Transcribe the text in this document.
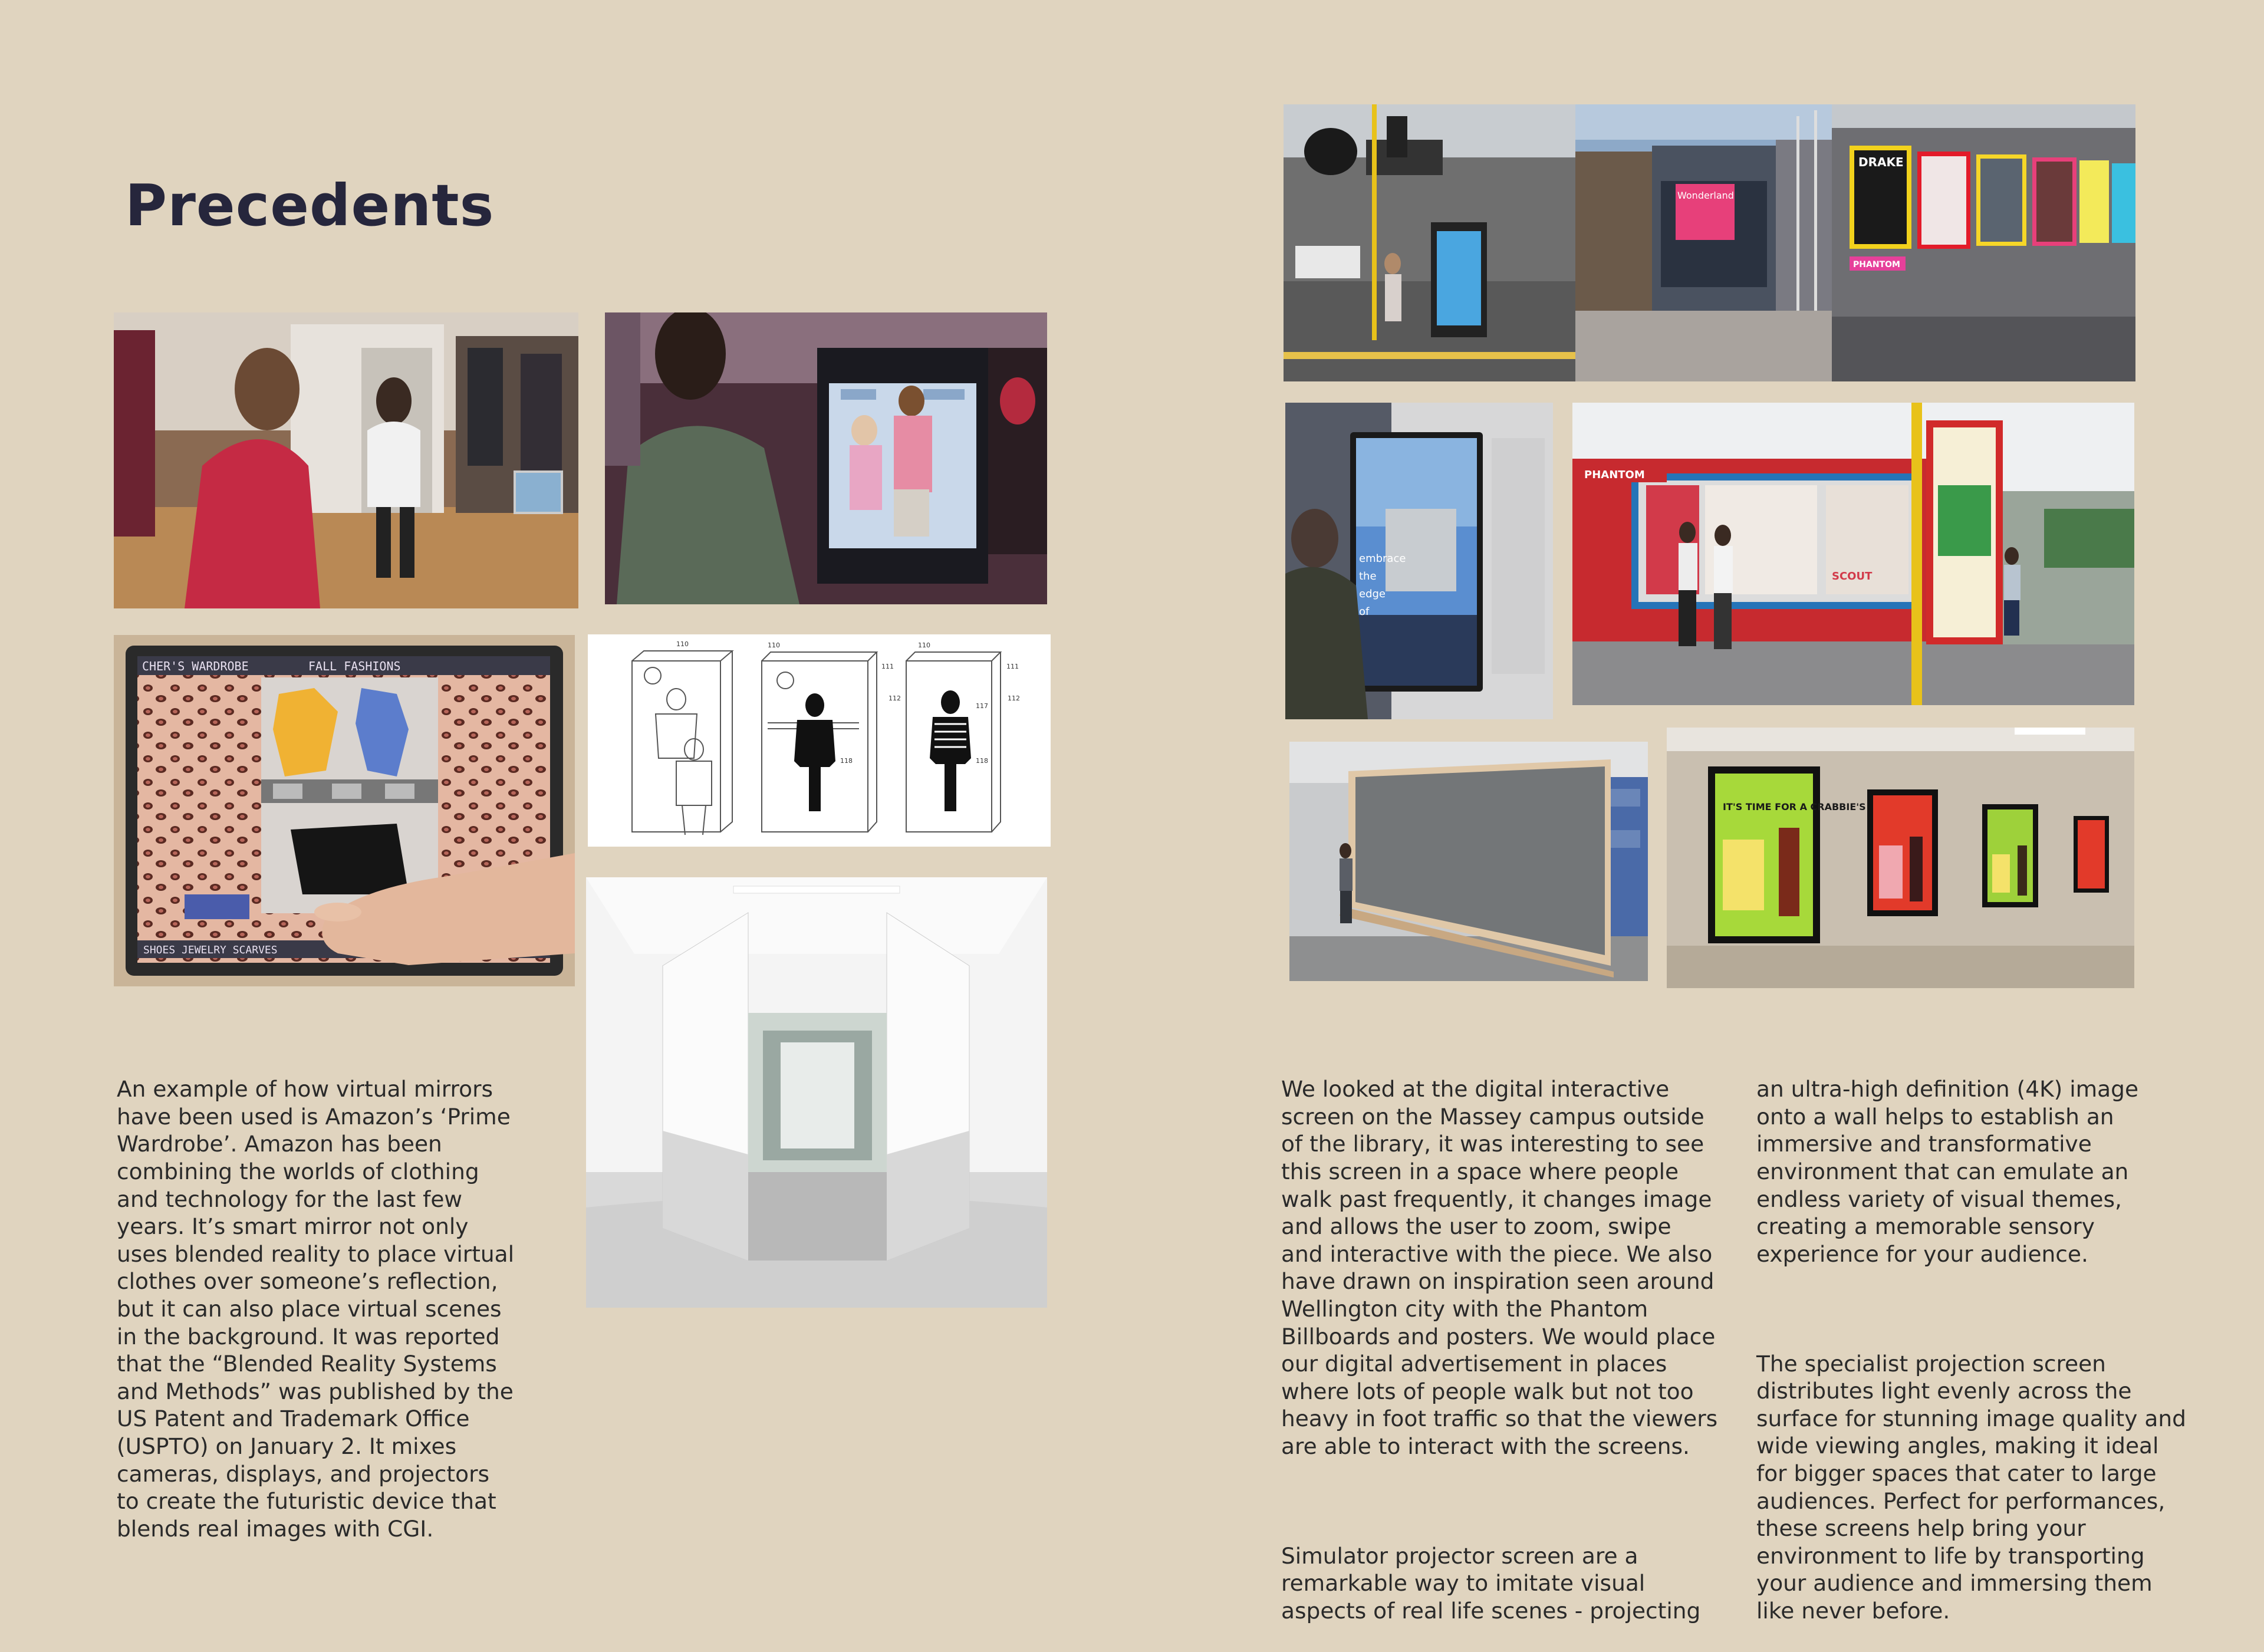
Precedents
CHER'S WARDROBE	FALL FASHIONS
SHOES JEWELRY SCARVES
110	110	110
111
112
111
112
117
118	118
Wonderland
DRAKE
PHANTOM
embrace
the
edge
of
SCOUT
PHANTOM
IT'S TIME FOR A CRABBIE'S

An example of how virtual mirrors
have been used is Amazon’s ‘Prime
Wardrobe’. Amazon has been
combining the worlds of clothing
and technology for the last few
years. It’s smart mirror not only
uses blended reality to place virtual
clothes over someone’s reflection,
but it can also place virtual scenes
in the background. It was reported
that the “Blended Reality Systems
and Methods” was published by the
US Patent and Trademark Office
(USPTO) on January 2. It mixes
cameras, displays, and projectors
to create the futuristic device that
blends real images with CGI.

We looked at the digital interactive
screen on the Massey campus outside
of the library, it was interesting to see
this screen in a space where people
walk past frequently, it changes image
and allows the user to zoom, swipe
and interactive with the piece. We also
have drawn on inspiration seen around
Wellington city with the Phantom
Billboards and posters. We would place
our digital advertisement in places
where lots of people walk but not too
heavy in foot traffic so that the viewers
are able to interact with the screens.

Simulator projector screen are a
remarkable way to imitate visual
aspects of real life scenes - projecting

an ultra-high definition (4K) image
onto a wall helps to establish an
immersive and transformative
environment that can emulate an
endless variety of visual themes,
creating a memorable sensory
experience for your audience.

The specialist projection screen
distributes light evenly across the
surface for stunning image quality and
wide viewing angles, making it ideal
for bigger spaces that cater to large
audiences. Perfect for performances,
these screens help bring your
environment to life by transporting
your audience and immersing them
like never before.
